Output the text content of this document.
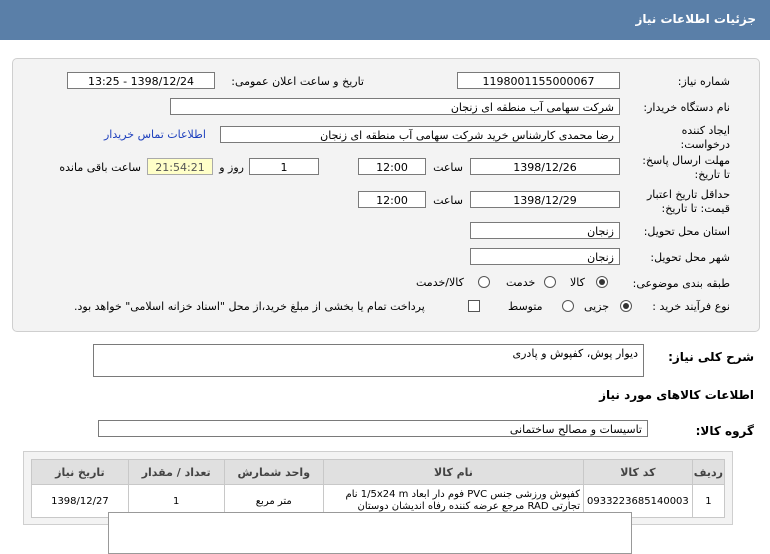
جزئیات اطلاعات نیاز
شماره نیاز:
1198001155000067
تاریخ و ساعت اعلان عمومی:
1398/12/24 - 13:25
نام دستگاه خریدار:
شرکت سهامی آب منطقه ای زنجان
ایجاد کننده
درخواست:
رضا محمدی کارشناس خرید شرکت سهامی آب منطقه ای زنجان
اطلاعات تماس خریدار
مهلت ارسال پاسخ:
تا تاریخ:
1398/12/26
ساعت
12:00
1
روز و
21:54:21
ساعت باقی مانده
حداقل تاریخ اعتبار
قیمت: تا تاریخ:
1398/12/29
ساعت
12:00
استان محل تحویل:
زنجان
شهر محل تحویل:
زنجان
طبقه بندی موضوعی:
کالا
خدمت
کالا/خدمت
نوع فرآیند خرید :
جزیی
متوسط
پرداخت تمام یا بخشی از مبلغ خرید،از محل "اسناد خزانه اسلامی" خواهد بود.
شرح کلی نیاز:
دیوار پوش، کفپوش و پادری
اطلاعات کالاهای مورد نیاز
گروه کالا:
تاسیسات و مصالح ساختمانی
ردیف	کد کالا	نام کالا	واحد شمارش	تعداد / مقدار	تاریخ نیاز
1	0933223685140003	کفپوش ورزشی جنس PVC فوم دار ابعاد 1/5x24 m نام تجارتی RAD مرجع عرضه کننده رفاه اندیشان دوستان	متر مربع	1	1398/12/27
